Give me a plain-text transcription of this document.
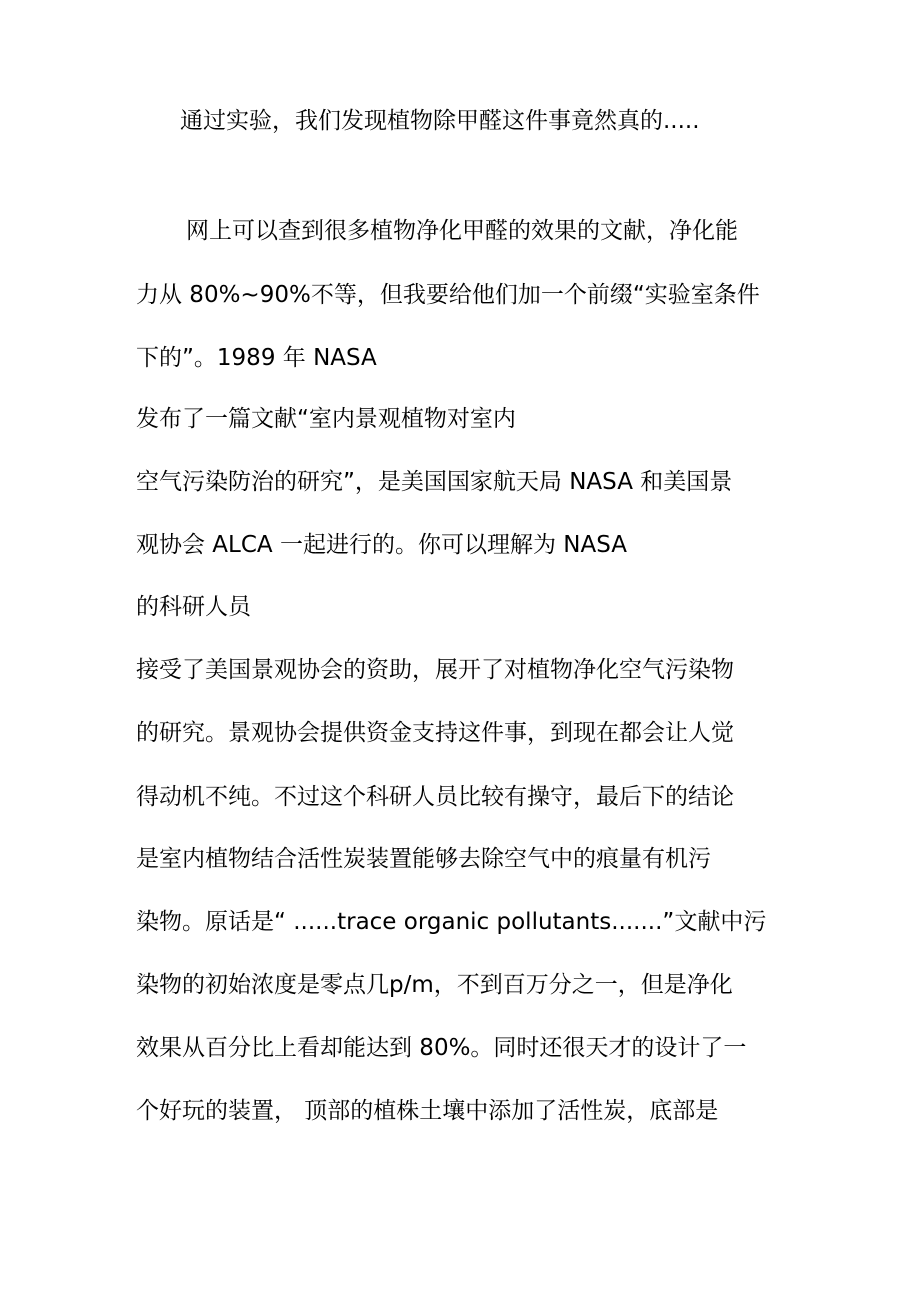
通过实验，我们发现植物除甲醛这件事竟然真的.....
网上可以查到很多植物净化甲醛的效果的文献，净化能
力从 80%~90%不等，但我要给他们加一个前缀“实验室条件
下的”。1989 年 NASA
发布了一篇文献“室内景观植物对室内
空气污染防治的研究”，是美国国家航天局 NASA 和美国景
观协会 ALCA 一起进行的。你可以理解为 NASA
的科研人员
接受了美国景观协会的资助，展开了对植物净化空气污染物
的研究。景观协会提供资金支持这件事，到现在都会让人觉
得动机不纯。不过这个科研人员比较有操守，最后下的结论
是室内植物结合活性炭装置能够去除空气中的痕量有机污
染物。原话是“ ......trace organic pollutants.......”文献中污
染物的初始浓度是零点几p/m，不到百万分之一，但是净化
效果从百分比上看却能达到 80%。同时还很天才的设计了一
个好玩的装置， 顶部的植株土壤中添加了活性炭，底部是
